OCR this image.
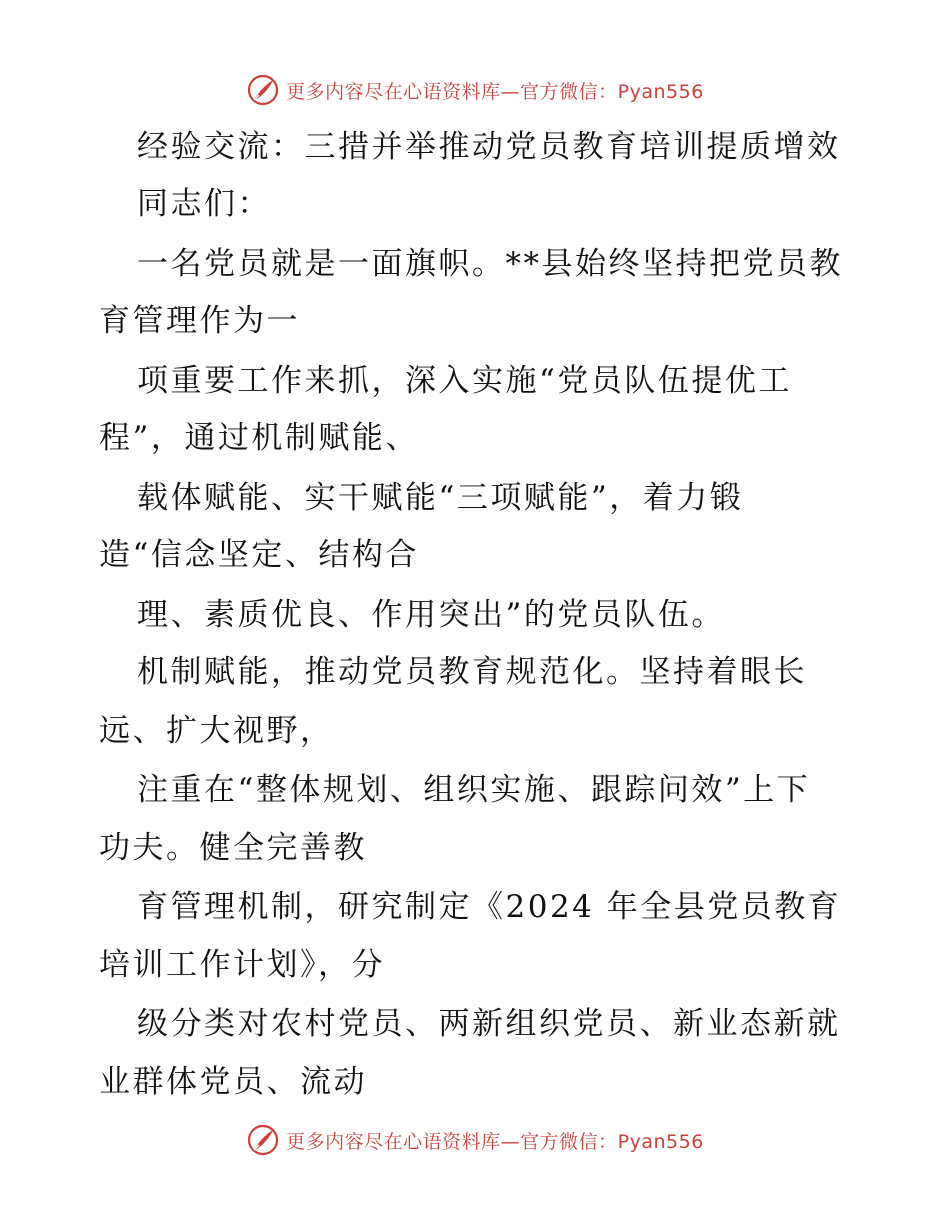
更多内容尽在心语资料库—官方微信：Pyan556
经验交流：三措并举推动党员教育培训提质增效
同志们：
一名党员就是一面旗帜。**县始终坚持把党员教
育管理作为一
项重要工作来抓，深入实施“党员队伍提优工
程”，通过机制赋能、
载体赋能、实干赋能“三项赋能”，着力锻
造“信念坚定、结构合
理、素质优良、作用突出”的党员队伍。
机制赋能，推动党员教育规范化。坚持着眼长
远、扩大视野，
注重在“整体规划、组织实施、跟踪问效”上下
功夫。健全完善教
育管理机制，研究制定《2024 年全县党员教育
培训工作计划》，分
级分类对农村党员、两新组织党员、新业态新就
业群体党员、流动
更多内容尽在心语资料库—官方微信：Pyan556
